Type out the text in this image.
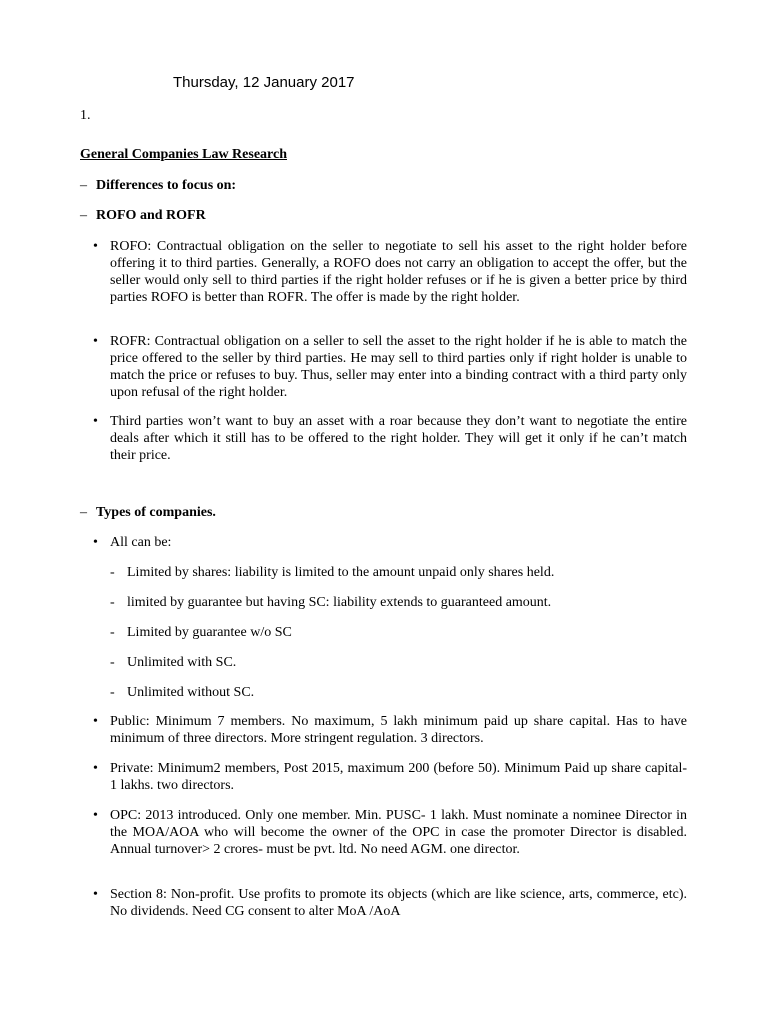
Thursday, 12 January 2017
1.
General Companies Law Research
– Differences to focus on:
– ROFO and ROFR
• ROFO: Contractual obligation on the seller to negotiate to sell his asset to the right holder before offering it to third parties. Generally, a ROFO does not carry an obligation to accept the offer, but the seller would only sell to third parties if the right holder refuses or if he is given a better price by third parties ROFO is better than ROFR. The offer is made by the right holder.
• ROFR: Contractual obligation on a seller to sell the asset to the right holder if he is able to match the price offered to the seller by third parties. He may sell to third parties only if right holder is unable to match the price or refuses to buy. Thus, seller may enter into a binding contract with a third party only upon refusal of the right holder.
• Third parties won’t want to buy an asset with a roar because they don’t want to negotiate the entire deals after which it still has to be offered to the right holder. They will get it only if he can’t match their price.
– Types of companies.
• All can be:
- Limited by shares: liability is limited to the amount unpaid only shares held.
- limited by guarantee but having SC: liability extends to guaranteed amount.
- Limited by guarantee w/o SC
- Unlimited with SC.
- Unlimited without SC.
• Public: Minimum 7 members. No maximum, 5 lakh minimum paid up share capital. Has to have minimum of three directors. More stringent regulation. 3 directors.
• Private: Minimum2 members, Post 2015, maximum 200 (before 50). Minimum Paid up share capital- 1 lakhs. two directors.
• OPC: 2013 introduced. Only one member. Min. PUSC- 1 lakh. Must nominate a nominee Director in the MOA/AOA who will become the owner of the OPC in case the promoter Director is disabled. Annual turnover> 2 crores- must be pvt. ltd. No need AGM. one director.
• Section 8: Non-profit. Use profits to promote its objects (which are like science, arts, commerce, etc). No dividends. Need CG consent to alter MoA /AoA
